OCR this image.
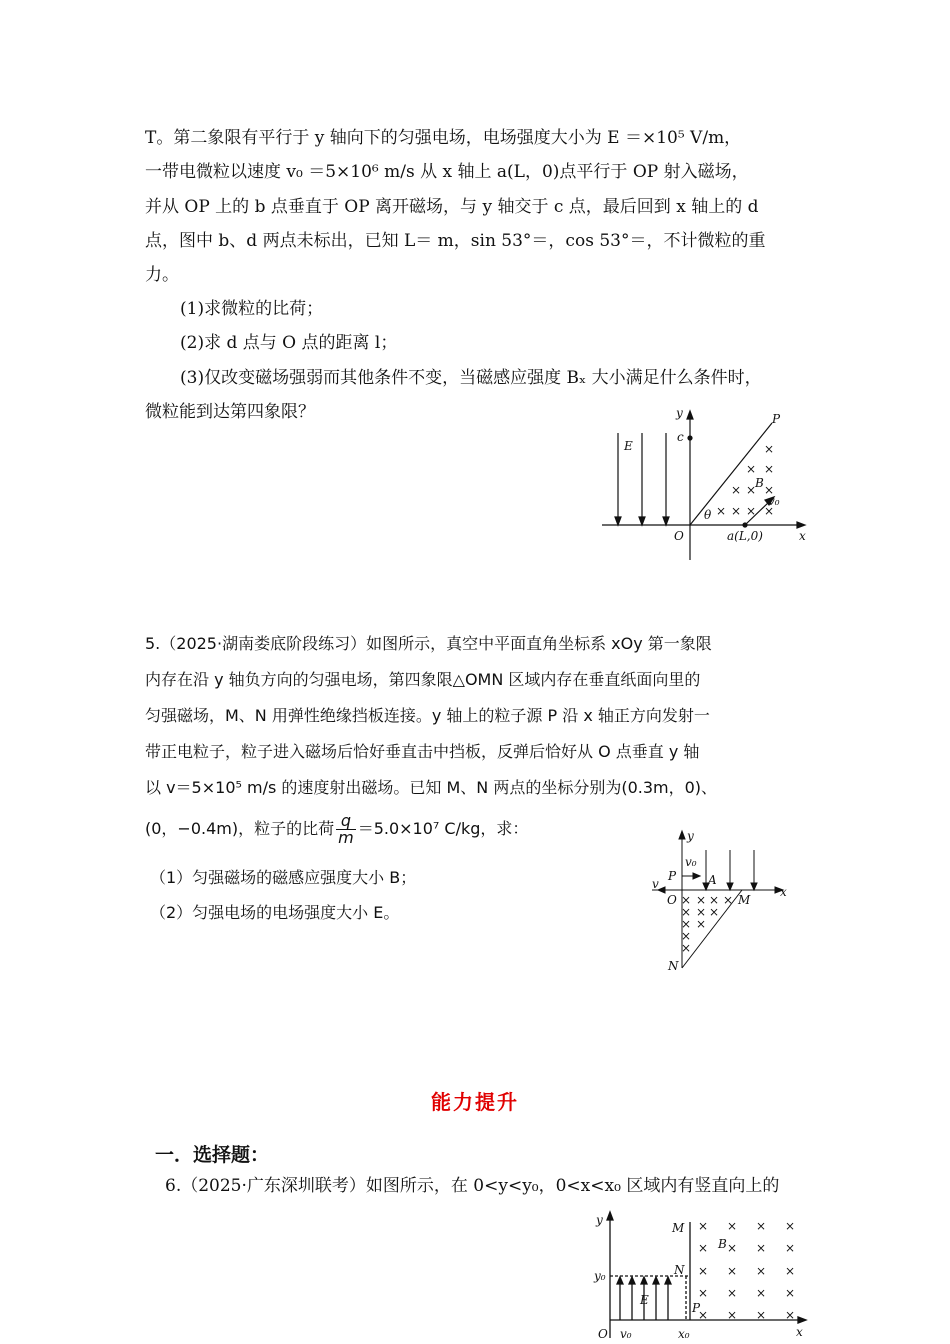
T。第二象限有平行于 y 轴向下的匀强电场，电场强度大小为 E ＝×10⁵ V/m，
一带电微粒以速度 v₀ ＝5×10⁶ m/s 从 x 轴上 a(L，0)点平行于 OP 射入磁场，
并从 OP 上的 b 点垂直于 OP 离开磁场，与 y 轴交于 c 点，最后回到 x 轴上的 d
点，图中 b、d 两点未标出，已知 L＝ m，sin 53°＝，cos 53°＝，不计微粒的重
力。
(1)求微粒的比荷；
(2)求 d 点与 O 点的距离 l；
(3)仅改变磁场强弱而其他条件不变，当磁感应强度 Bₓ 大小满足什么条件时，
微粒能到达第四象限？
× × × ×
× × ×
× ×
×
E
y
c
P
B
v₀
θ
O	a(L,0)	x
5.（2025·湖南娄底阶段练习）如图所示，真空中平面直角坐标系 xOy 第一象限
内存在沿 y 轴负方向的匀强电场，第四象限△OMN 区域内存在垂直纸面向里的
匀强磁场，M、N 用弹性绝缘挡板连接。y 轴上的粒子源 P 沿 x 轴正方向发射一
带正电粒子，粒子进入磁场后恰好垂直击中挡板，反弹后恰好从 O 点垂直 y 轴
以 v＝5×10⁵ m/s 的速度射出磁场。已知 M、N 两点的坐标分别为(0.3m，0)、
(0，−0.4m)，粒子的比荷 $\frac{q}{m} =5.0\times 10^7$ C/kg，求：
（1）匀强磁场的磁感应强度大小 B；
（2）匀强电场的电场强度大小 E。
× × × ×
× × ×
× ×
×
×
y
v₀
P	A
v
O	M
N
x
能力提升
一．选择题：
6.（2025·广东深圳联考）如图所示，在 0<y<y₀，0<x<x₀ 区域内有竖直向上的
× × × ×
× × × ×
× × × ×
× × × ×
× × × ×
y
M
B
y₀	N
E
P
O v₀	x₀	x
